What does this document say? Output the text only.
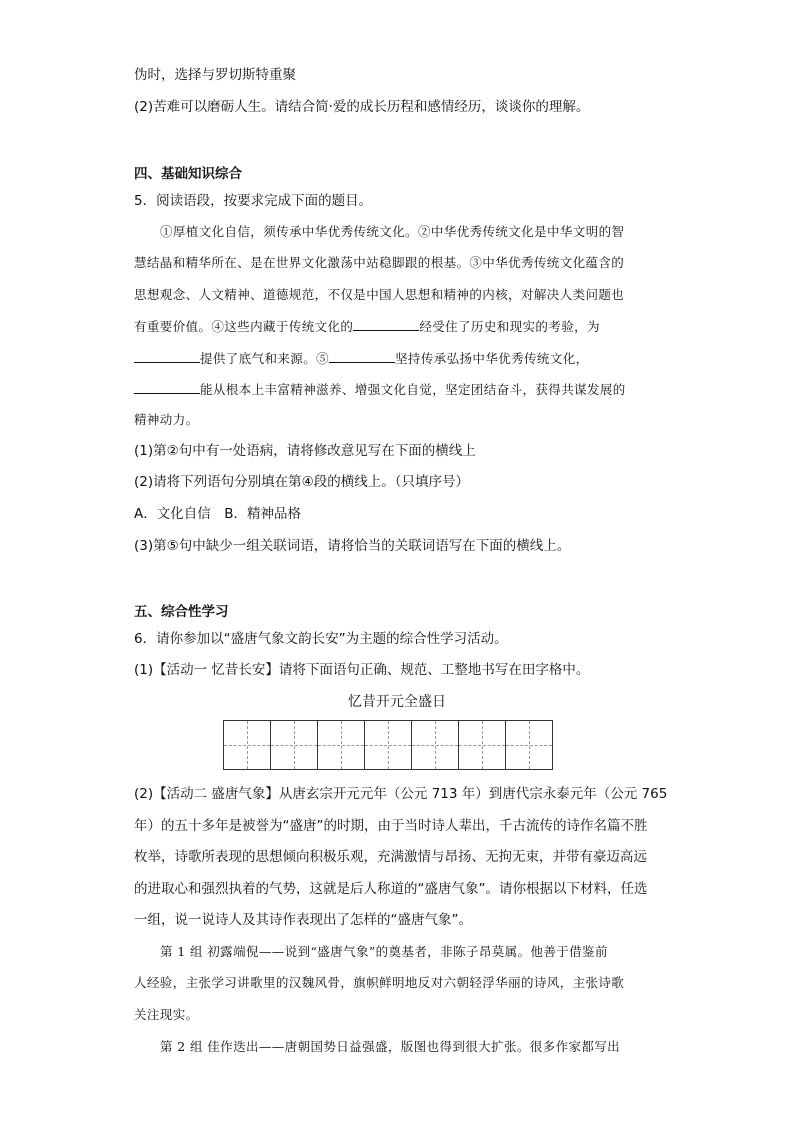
伪时，选择与罗切斯特重聚
(2)苦难可以磨砺人生。请结合简·爱的成长历程和感情经历，谈谈你的理解。
四、基础知识综合
5．阅读语段，按要求完成下面的题目。
①厚植文化自信，须传承中华优秀传统文化。②中华优秀传统文化是中华文明的智
慧结晶和精华所在、是在世界文化激荡中站稳脚跟的根基。③中华优秀传统文化蕴含的
思想观念、人文精神、道德规范，不仅是中国人思想和精神的内核，对解决人类问题也
有重要价值。④这些内藏于传统文化的	经受住了历史和现实的考验，为
提供了底气和来源。⑤	坚持传承弘扬中华优秀传统文化，
能从根本上丰富精神滋养、增强文化自觉，坚定团结奋斗，获得共谋发展的
精神动力。
(1)第②句中有一处语病，请将修改意见写在下面的横线上
(2)请将下列语句分别填在第④段的横线上。（只填序号）
A．文化自信　B．精神品格
(3)第⑤句中缺少一组关联词语，请将恰当的关联词语写在下面的横线上。
五、综合性学习
6．请你参加以“盛唐气象文韵长安”为主题的综合性学习活动。
(1)【活动一 忆昔长安】请将下面语句正确、规范、工整地书写在田字格中。
忆昔开元全盛日
(2)【活动二 盛唐气象】从唐玄宗开元元年（公元 713 年）到唐代宗永泰元年（公元 765
年）的五十多年是被誉为“盛唐”的时期，由于当时诗人辈出，千古流传的诗作名篇不胜
枚举，诗歌所表现的思想倾向积极乐观，充满激情与昂扬、无拘无束，并带有豪迈高远
的进取心和强烈执着的气势，这就是后人称道的“盛唐气象”。请你根据以下材料，任选
一组，说一说诗人及其诗作表现出了怎样的“盛唐气象”。
第 1 组 初露端倪——说到“盛唐气象”的奠基者，非陈子昂莫属。他善于借鉴前
人经验，主张学习讲歌里的汉魏风骨，旗帜鲜明地反对六朝轻浮华丽的诗风，主张诗歌
关注现实。
第 2 组 佳作迭出——唐朝国势日益强盛，版图也得到很大扩张。很多作家都写出
